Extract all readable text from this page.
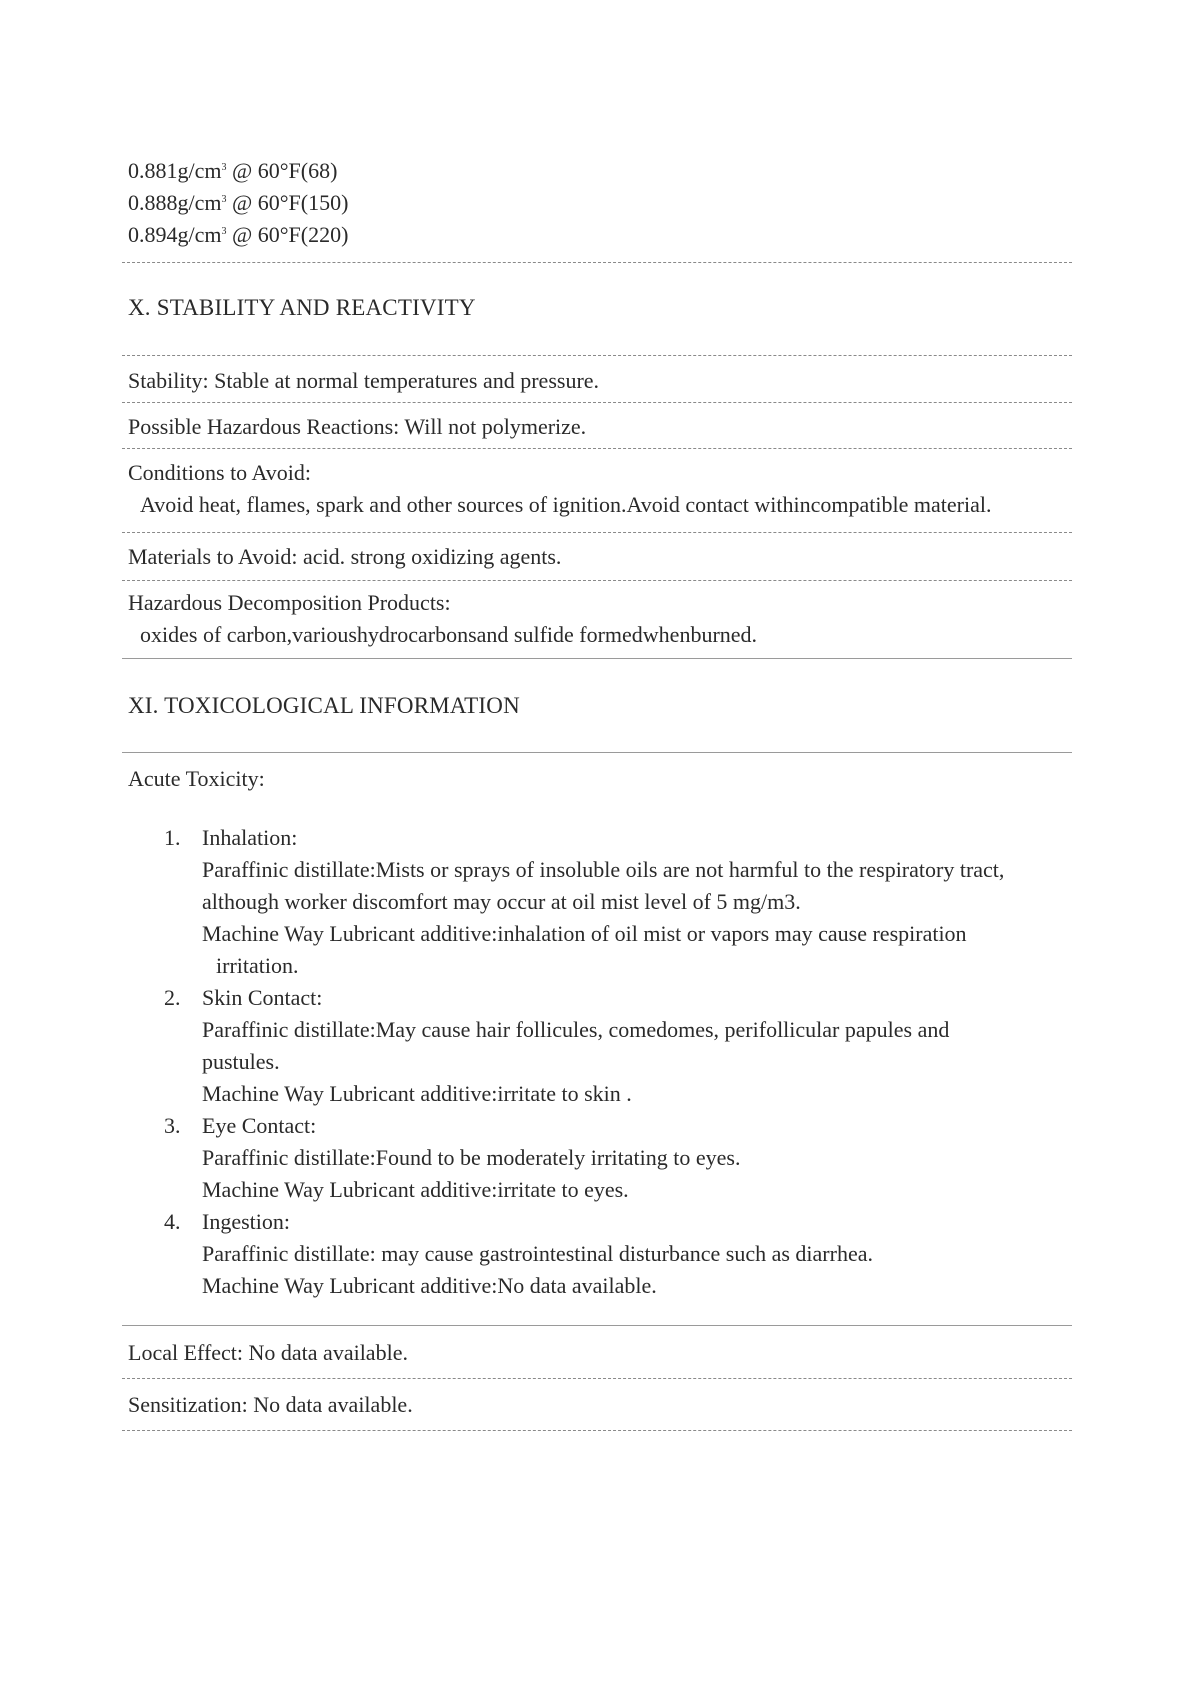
$0.881g/cm^3$ @ 60°F(68)
$0.888g/cm^3$ @ 60°F(150)
$0.894g/cm^3$ @ 60°F(220)
X. STABILITY AND REACTIVITY
Stability: Stable at normal temperatures and pressure.
Possible Hazardous Reactions: Will not polymerize.
Conditions to Avoid:
Avoid heat, flames, spark and other sources of ignition.Avoid contact withincompatible material.
Materials to Avoid: acid. strong oxidizing agents.
Hazardous Decomposition Products:
oxides of carbon,varioushydrocarbonsand sulfide formedwhenburned.
XI. TOXICOLOGICAL INFORMATION
Acute Toxicity:
1. Inhalation:
Paraffinic distillate:Mists or sprays of insoluble oils are not harmful to the respiratory tract,
although worker discomfort may occur at oil mist level of 5 mg/m3.
Machine Way Lubricant additive:inhalation of oil mist or vapors may cause respiration
irritation.
2. Skin Contact:
Paraffinic distillate:May cause hair follicules, comedomes, perifollicular papules and
pustules.
Machine Way Lubricant additive:irritate to skin .
3. Eye Contact:
Paraffinic distillate:Found to be moderately irritating to eyes.
Machine Way Lubricant additive:irritate to eyes.
4. Ingestion:
Paraffinic distillate: may cause gastrointestinal disturbance such as diarrhea.
Machine Way Lubricant additive:No data available.
Local Effect: No data available.
Sensitization: No data available.
